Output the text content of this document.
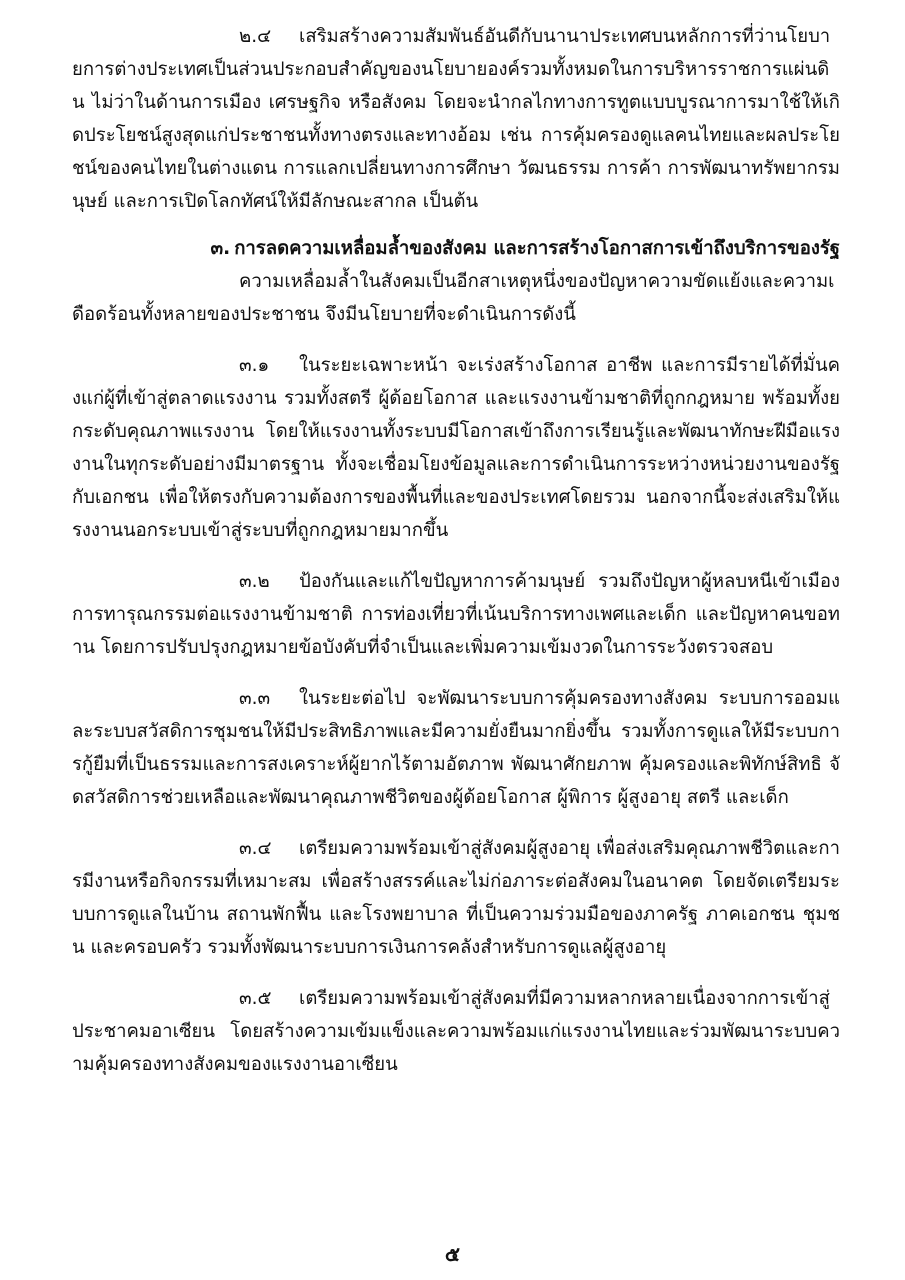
๒.๔ เสริมสร้างความสัมพันธ์อันดีกับนานาประเทศบนหลักการที่ว่านโยบายการต่างประเทศเป็นส่วนประกอบสำคัญของนโยบายองค์รวมทั้งหมดในการบริหารราชการแผ่นดิน ไม่ว่าในด้านการเมือง เศรษฐกิจ หรือสังคม โดยจะนำกลไกทางการทูตแบบบูรณาการมาใช้ให้เกิดประโยชน์สูงสุดแก่ประชาชนทั้งทางตรงและทางอ้อม เช่น การคุ้มครองดูแลคนไทยและผลประโยชน์ของคนไทยในต่างแดน การแลกเปลี่ยนทางการศึกษา วัฒนธรรม การค้า การพัฒนาทรัพยากรมนุษย์ และการเปิดโลกทัศน์ให้มีลักษณะสากล เป็นต้น

๓. การลดความเหลื่อมล้ำของสังคม และการสร้างโอกาสการเข้าถึงบริการของรัฐ

ความเหลื่อมล้ำในสังคมเป็นอีกสาเหตุหนึ่งของปัญหาความขัดแย้งและความเดือดร้อนทั้งหลายของประชาชน จึงมีนโยบายที่จะดำเนินการดังนี้

๓.๑ ในระยะเฉพาะหน้า จะเร่งสร้างโอกาส อาชีพ และการมีรายได้ที่มั่นคงแก่ผู้ที่เข้าสู่ตลาดแรงงาน รวมทั้งสตรี ผู้ด้อยโอกาส และแรงงานข้ามชาติที่ถูกกฎหมาย พร้อมทั้งยกระดับคุณภาพแรงงาน โดยให้แรงงานทั้งระบบมีโอกาสเข้าถึงการเรียนรู้และพัฒนาทักษะฝีมือแรงงานในทุกระดับอย่างมีมาตรฐาน ทั้งจะเชื่อมโยงข้อมูลและการดำเนินการระหว่างหน่วยงานของรัฐกับเอกชน เพื่อให้ตรงกับความต้องการของพื้นที่และของประเทศโดยรวม นอกจากนี้จะส่งเสริมให้แรงงานนอกระบบเข้าสู่ระบบที่ถูกกฎหมายมากขึ้น

๓.๒ ป้องกันและแก้ไขปัญหาการค้ามนุษย์ รวมถึงปัญหาผู้หลบหนีเข้าเมือง การทารุณกรรมต่อแรงงานข้ามชาติ การท่องเที่ยวที่เน้นบริการทางเพศและเด็ก และปัญหาคนขอทาน โดยการปรับปรุงกฎหมายข้อบังคับที่จำเป็นและเพิ่มความเข้มงวดในการระวังตรวจสอบ

๓.๓ ในระยะต่อไป จะพัฒนาระบบการคุ้มครองทางสังคม ระบบการออมและระบบสวัสดิการชุมชนให้มีประสิทธิภาพและมีความยั่งยืนมากยิ่งขึ้น รวมทั้งการดูแลให้มีระบบการกู้ยืมที่เป็นธรรมและการสงเคราะห์ผู้ยากไร้ตามอัตภาพ พัฒนาศักยภาพ คุ้มครองและพิทักษ์สิทธิ จัดสวัสดิการช่วยเหลือและพัฒนาคุณภาพชีวิตของผู้ด้อยโอกาส ผู้พิการ ผู้สูงอายุ สตรี และเด็ก

๓.๔ เตรียมความพร้อมเข้าสู่สังคมผู้สูงอายุ เพื่อส่งเสริมคุณภาพชีวิตและการมีงานหรือกิจกรรมที่เหมาะสม เพื่อสร้างสรรค์และไม่ก่อภาระต่อสังคมในอนาคต โดยจัดเตรียมระบบการดูแลในบ้าน สถานพักฟื้น และโรงพยาบาล ที่เป็นความร่วมมือของภาครัฐ ภาคเอกชน ชุมชน และครอบครัว รวมทั้งพัฒนาระบบการเงินการคลังสำหรับการดูแลผู้สูงอายุ

๓.๕ เตรียมความพร้อมเข้าสู่สังคมที่มีความหลากหลายเนื่องจากการเข้าสู่ประชาคมอาเซียน โดยสร้างความเข้มแข็งและความพร้อมแก่แรงงานไทยและร่วมพัฒนาระบบความคุ้มครองทางสังคมของแรงงานอาเซียน

๕
